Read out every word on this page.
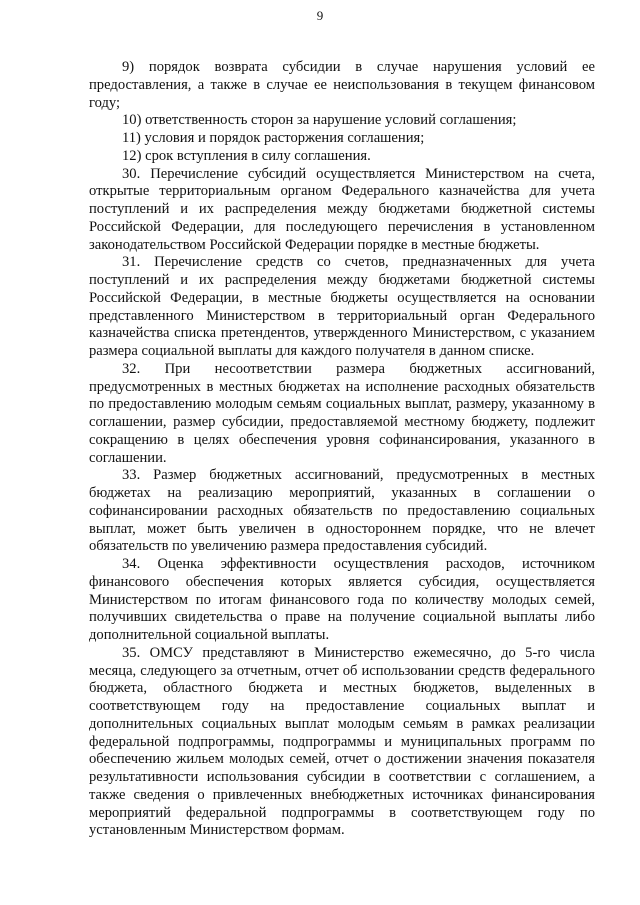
9

9) порядок возврата субсидии в случае нарушения условий ее предоставления, а также в случае ее неиспользования в текущем финансовом году;

10) ответственность сторон за нарушение условий соглашения;

11) условия и порядок расторжения соглашения;

12) срок вступления в силу соглашения.

30. Перечисление субсидий осуществляется Министерством на счета, открытые территориальным органом Федерального казначейства для учета поступлений и их распределения между бюджетами бюджетной системы Российской Федерации, для последующего перечисления в установленном законодательством Российской Федерации порядке в местные бюджеты.

31. Перечисление средств со счетов, предназначенных для учета поступлений и их распределения между бюджетами бюджетной системы Российской Федерации, в местные бюджеты осуществляется на основании представленного Министерством в территориальный орган Федерального казначейства списка претендентов, утвержденного Министерством, с указанием размера социальной выплаты для каждого получателя в данном списке.

32. При несоответствии размера бюджетных ассигнований, предусмотренных в местных бюджетах на исполнение расходных обязательств по предоставлению молодым семьям социальных выплат, размеру, указанному в соглашении, размер субсидии, предоставляемой местному бюджету, подлежит сокращению в целях обеспечения уровня софинансирования, указанного в соглашении.

33. Размер бюджетных ассигнований, предусмотренных в местных бюджетах на реализацию мероприятий, указанных в соглашении о софинансировании расходных обязательств по предоставлению социальных выплат, может быть увеличен в одностороннем порядке, что не влечет обязательств по увеличению размера предоставления субсидий.

34. Оценка эффективности осуществления расходов, источником финансового обеспечения которых является субсидия, осуществляется Министерством по итогам финансового года по количеству молодых семей, получивших свидетельства о праве на получение социальной выплаты либо дополнительной социальной выплаты.

35. ОМСУ представляют в Министерство ежемесячно, до 5-го числа месяца, следующего за отчетным, отчет об использовании средств федерального бюджета, областного бюджета и местных бюджетов, выделенных в соответствующем году на предоставление социальных выплат и дополнительных социальных выплат молодым семьям в рамках реализации федеральной подпрограммы, подпрограммы и муниципальных программ по обеспечению жильем молодых семей, отчет о достижении значения показателя результативности использования субсидии в соответствии с соглашением, а также сведения о привлеченных внебюджетных источниках финансирования мероприятий федеральной подпрограммы в соответствующем году по установленным Министерством формам.
